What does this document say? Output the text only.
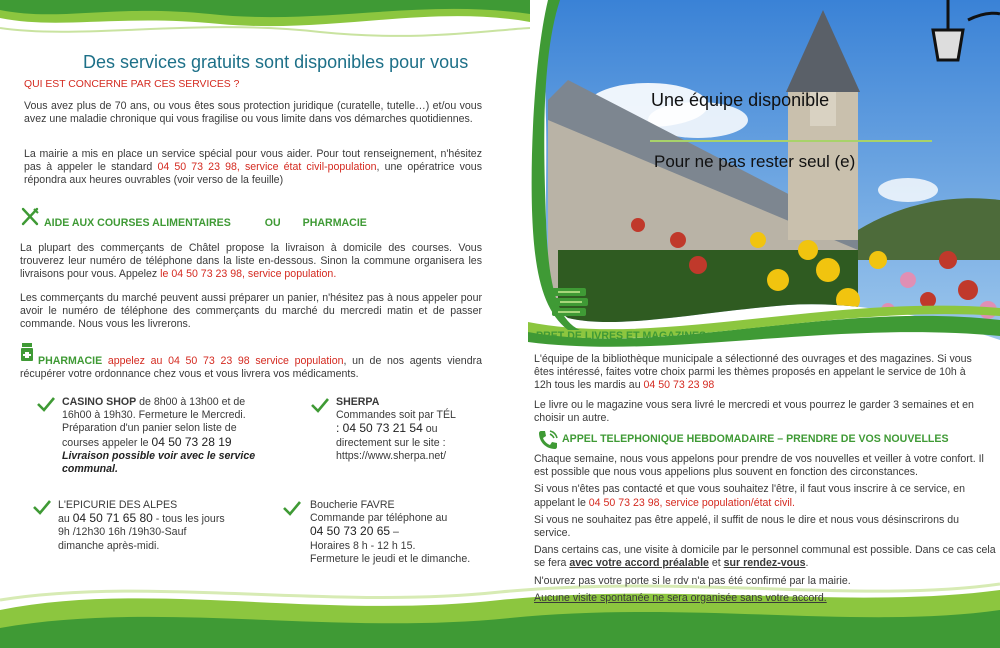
Des services gratuits sont disponibles pour vous
QUI EST CONCERNE PAR CES SERVICES ?

Vous avez plus de 70 ans, ou vous êtes sous protection juridique (curatelle, tutelle…) et/ou vous avez une maladie chronique qui vous fragilise ou vous limite dans vos démarches quotidiennes.

La mairie a mis en place un service spécial pour vous aider. Pour tout renseignement, n'hésitez pas à appeler le standard 04 50 73 23 98, service état civil-population, une opératrice vous répondra aux heures ouvrables (voir verso de la feuille)

AIDE AUX COURSES ALIMENTAIRES	OU PHARMACIE

La plupart des commerçants de Châtel propose la livraison à domicile des courses. Vous trouverez leur numéro de téléphone dans la liste en-dessous. Sinon la commune organisera les livraisons pour vous. Appelez le 04 50 73 23 98, service population.

Les commerçants du marché peuvent aussi préparer un panier, n'hésitez pas à nous appeler pour avoir le numéro de téléphone des commerçants du marché du mercredi matin et de passer commande. Nous vous les livrerons.

PHARMACIE appelez au 04 50 73 23 98 service population, un de nos agents viendra récupérer votre ordonnance chez vous et vous livrera vos médicaments.

CASINO SHOP de 8h00 à 13h00 et de
16h00 à 19h30. Fermeture le Mercredi.
Préparation d'un panier selon liste de
courses appeler le 04 50 73 28 19
Livraison possible voir avec le service communal.
SHERPA
Commandes soit par TÉL
: 04 50 73 21 54 ou
directement sur le site :
https://www.sherpa.net/
L'EPICURIE DES ALPES
au 04 50 71 65 80 - tous les jours
9h /12h30 16h /19h30-Sauf
dimanche après-midi.
Boucherie FAVRE
Commande par téléphone au
04 50 73 20 65 –
Horaires 8 h - 12 h 15.
Fermeture le jeudi et le dimanche.
Une équipe disponible
Pour ne pas rester seul (e)
PRET DE LIVRES ET MAGAZINES

L'équipe de la bibliothèque municipale a sélectionné des ouvrages et des magazines. Si vous êtes intéressé, faites votre choix parmi les thèmes proposés en appelant le service de 10h à 12h tous les mardis au 04 50 73 23 98

Le livre ou le magazine vous sera livré le mercredi et vous pourrez le garder 3 semaines et en choisir un autre.

APPEL TELEPHONIQUE HEBDOMADAIRE – PRENDRE DE VOS NOUVELLES

Chaque semaine, nous vous appelons pour prendre de vos nouvelles et veiller à votre confort. Il est possible que nous vous appelions plus souvent en fonction des circonstances.

Si vous n'êtes pas contacté et que vous souhaitez l'être, il faut vous inscrire à ce service, en appelant le 04 50 73 23 98, service population/état civil.

Si vous ne souhaitez pas être appelé, il suffit de nous le dire et nous vous désinscrirons du service.

Dans certains cas, une visite à domicile par le personnel communal est possible. Dans ce cas cela se fera avec votre accord préalable et sur rendez-vous.

N'ouvrez pas votre porte si le rdv n'a pas été confirmé par la mairie.

Aucune visite spontanée ne sera organisée sans votre accord.
